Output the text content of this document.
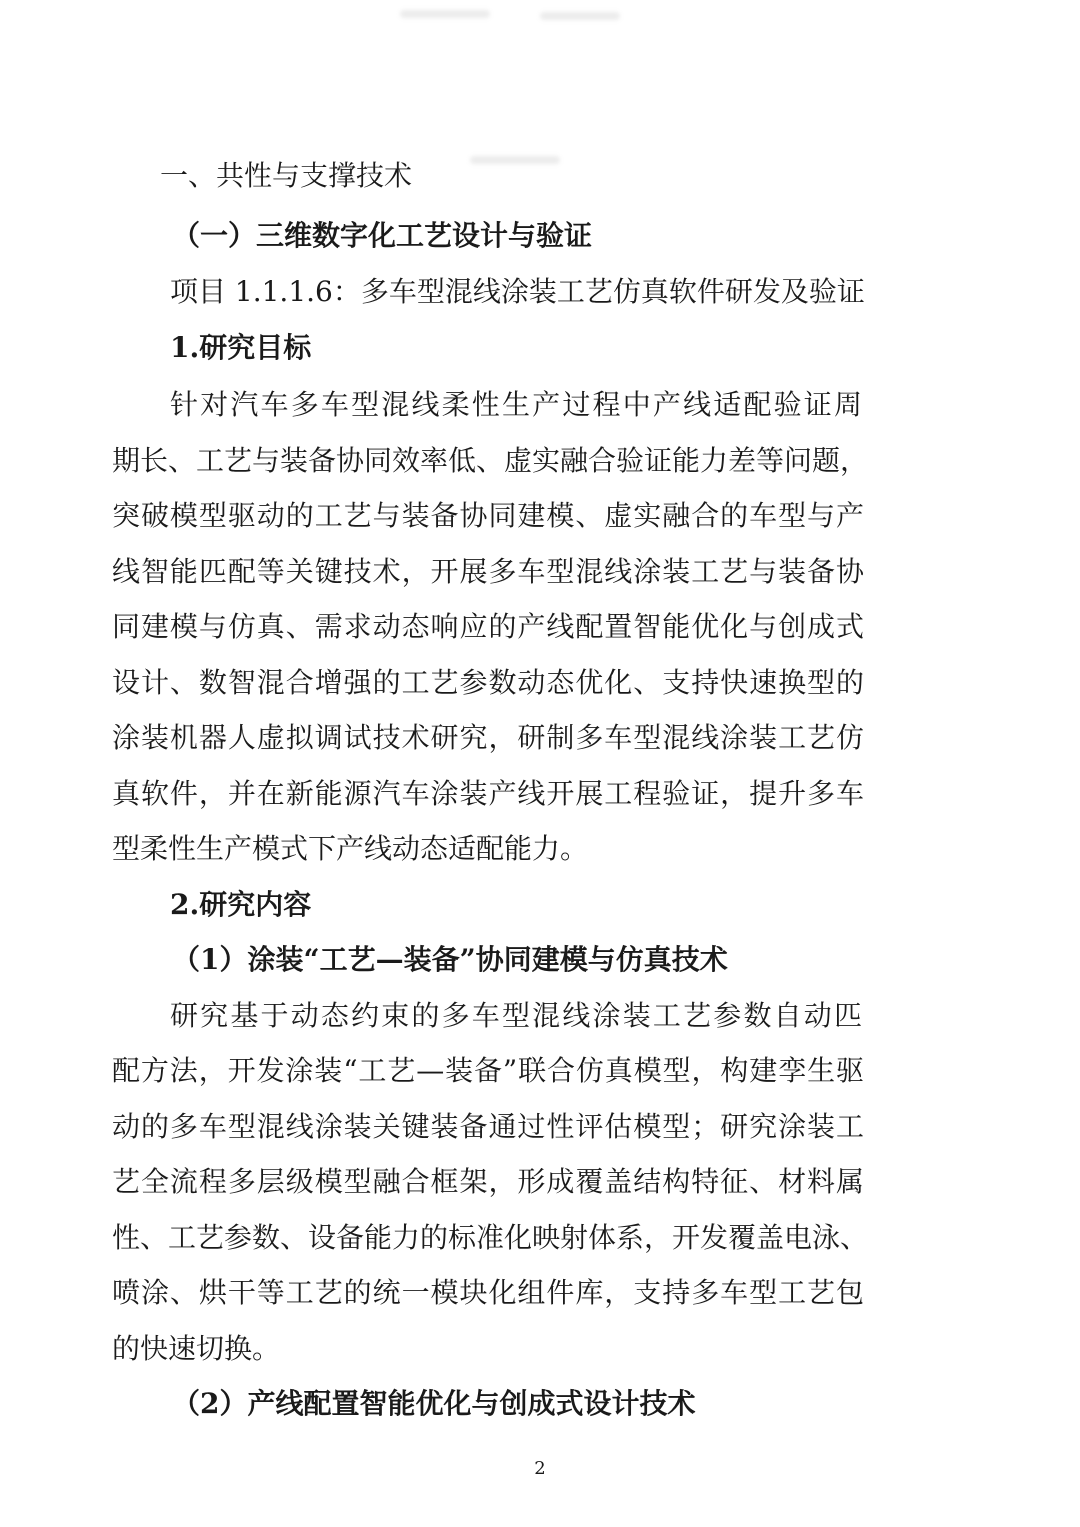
一、共性与支撑技术
（一）三维数字化工艺设计与验证
项目 1.1.1.6：多车型混线涂装工艺仿真软件研发及验证
1.研究目标
针对汽车多车型混线柔性生产过程中产线适配验证周
期长、工艺与装备协同效率低、虚实融合验证能力差等问题，
突破模型驱动的工艺与装备协同建模、虚实融合的车型与产
线智能匹配等关键技术，开展多车型混线涂装工艺与装备协
同建模与仿真、需求动态响应的产线配置智能优化与创成式
设计、数智混合增强的工艺参数动态优化、支持快速换型的
涂装机器人虚拟调试技术研究，研制多车型混线涂装工艺仿
真软件，并在新能源汽车涂装产线开展工程验证，提升多车
型柔性生产模式下产线动态适配能力。
2.研究内容
（1）涂装“工艺—装备”协同建模与仿真技术
研究基于动态约束的多车型混线涂装工艺参数自动匹
配方法，开发涂装“工艺—装备”联合仿真模型，构建孪生驱
动的多车型混线涂装关键装备通过性评估模型；研究涂装工
艺全流程多层级模型融合框架，形成覆盖结构特征、材料属
性、工艺参数、设备能力的标准化映射体系，开发覆盖电泳、
喷涂、烘干等工艺的统一模块化组件库，支持多车型工艺包
的快速切换。
（2）产线配置智能优化与创成式设计技术
2
